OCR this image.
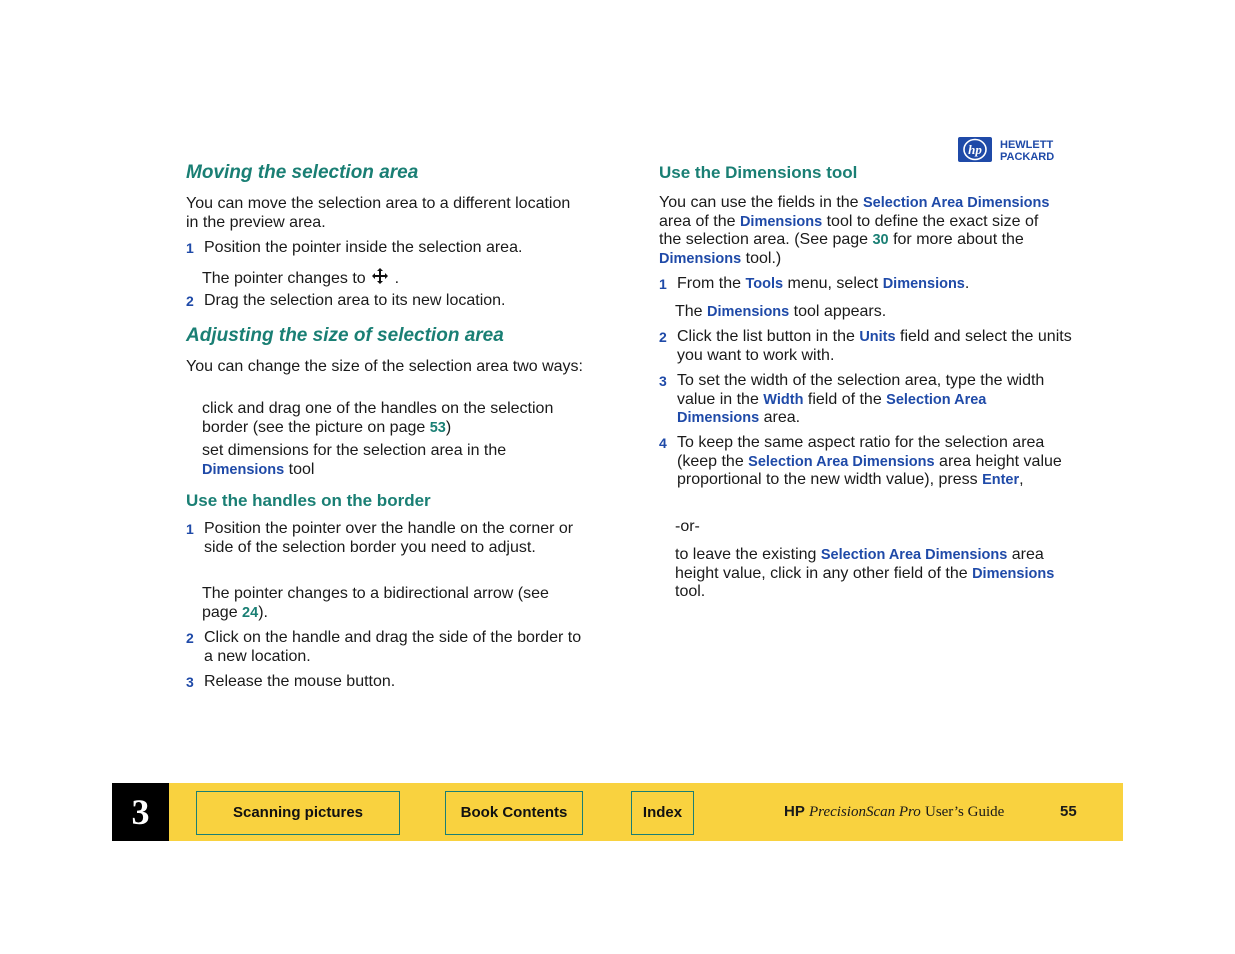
hp HEWLETT
PACKARD
Moving the selection area
You can move the selection area to a different location in the preview area.
1 Position the pointer inside the selection area.
The pointer changes to .
2 Drag the selection area to its new location.
Adjusting the size of selection area
You can change the size of the selection area two ways:
click and drag one of the handles on the selection border (see the picture on page 53)
set dimensions for the selection area in the Dimensions tool
Use the handles on the border
1 Position the pointer over the handle on the corner or side of the selection border you need to adjust.
The pointer changes to a bidirectional arrow (see page 24).
2 Click on the handle and drag the side of the border to a new location.
3 Release the mouse button.
Use the Dimensions tool
You can use the fields in the Selection Area Dimensions area of the Dimensions tool to define the exact size of the selection area. (See page 30 for more about the Dimensions tool.)
1 From the Tools menu, select Dimensions.
The Dimensions tool appears.
2 Click the list button in the Units field and select the units you want to work with.
3 To set the width of the selection area, type the width value in the Width field of the Selection Area Dimensions area.
4 To keep the same aspect ratio for the selection area (keep the Selection Area Dimensions area height value proportional to the new width value), press Enter,
-or-
to leave the existing Selection Area Dimensions area height value, click in any other field of the Dimensions tool.
3	Scanning pictures	Book Contents	Index	HP PrecisionScan Pro User’s Guide	55
